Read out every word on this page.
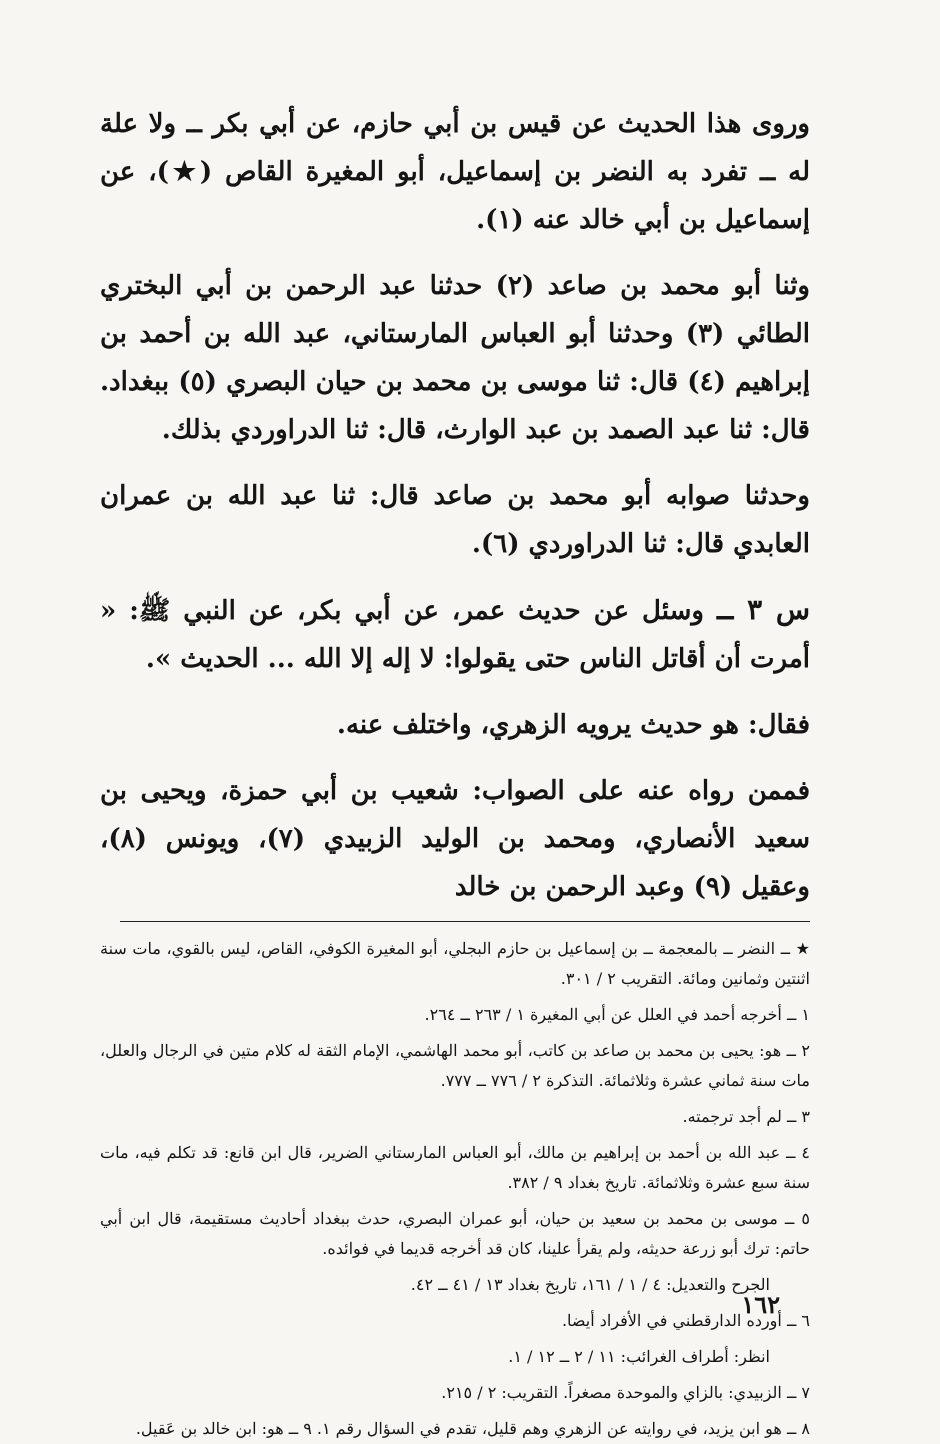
وروى هذا الحديث عن قيس بن أبي حازم، عن أبي بكر ــ ولا علة له ــ تفرد به النضر بن إسماعيل، أبو المغيرة القاص (★)، عن إسماعيل بن أبي خالد عنه (١).

وثنا أبو محمد بن صاعد (٢) حدثنا عبد الرحمن بن أبي البختري الطائي (٣) وحدثنا أبو العباس المارستاني، عبد الله بن أحمد بن إبراهيم (٤) قال: ثنا موسى بن محمد بن حيان البصري (٥) ببغداد. قال: ثنا عبد الصمد بن عبد الوارث، قال: ثنا الدراوردي بذلك.

وحدثنا صوابه أبو محمد بن صاعد قال: ثنا عبد الله بن عمران العابدي قال: ثنا الدراوردي (٦).

س ٣ ــ وسئل عن حديث عمر، عن أبي بكر، عن النبي ﷺ: « أمرت أن أقاتل الناس حتى يقولوا: لا إله إلا الله ... الحديث ».

فقال: هو حديث يرويه الزهري، واختلف عنه.

فممن رواه عنه على الصواب: شعيب بن أبي حمزة، ويحيى بن سعيد الأنصاري، ومحمد بن الوليد الزبيدي (٧)، ويونس (٨)، وعقيل (٩) وعبد الرحمن بن خالد

★ ــ النضر ــ بالمعجمة ــ بن إسماعيل بن حازم البجلي، أبو المغيرة الكوفي، القاص، ليس بالقوي، مات سنة اثنتين وثمانين ومائة. التقريب ٢ / ٣٠١.

١ ــ أخرجه أحمد في العلل عن أبي المغيرة ١ / ٢٦٣ ــ ٢٦٤.

٢ ــ هو: يحيى بن محمد بن صاعد بن كاتب، أبو محمد الهاشمي، الإمام الثقة له كلام متين في الرجال والعلل، مات سنة ثماني عشرة وثلاثمائة. التذكرة ٢ / ٧٧٦ ــ ٧٧٧.

٣ ــ لم أجد ترجمته.

٤ ــ عبد الله بن أحمد بن إبراهيم بن مالك، أبو العباس المارستاني الضرير، قال ابن قانع: قد تكلم فيه، مات سنة سبع عشرة وثلاثمائة. تاريخ بغداد ٩ / ٣٨٢.

٥ ــ موسى بن محمد بن سعيد بن حيان، أبو عمران البصري، حدث ببغداد أحاديث مستقيمة، قال ابن أبي حاتم: ترك أبو زرعة حديثه، ولم يقرأ علينا، كان قد أخرجه قديما في فوائده.

الجرح والتعديل: ٤ / ١ / ١٦١، تاريخ بغداد ١٣ / ٤١ ــ ٤٢.

٦ ــ أورده الدارقطني في الأفراد أيضا.

انظر: أطراف الغرائب: ١١ / ٢ ــ ١٢ / ١.

٧ ــ الزبيدي: بالزاي والموحدة مصغراً. التقريب: ٢ / ٢١٥.

٨ ــ هو ابن يزيد، في روايته عن الزهري وهم قليل، تقدم في السؤال رقم ١. ٩ ــ هو: ابن خالد بن عَقيل.

١٦٢
